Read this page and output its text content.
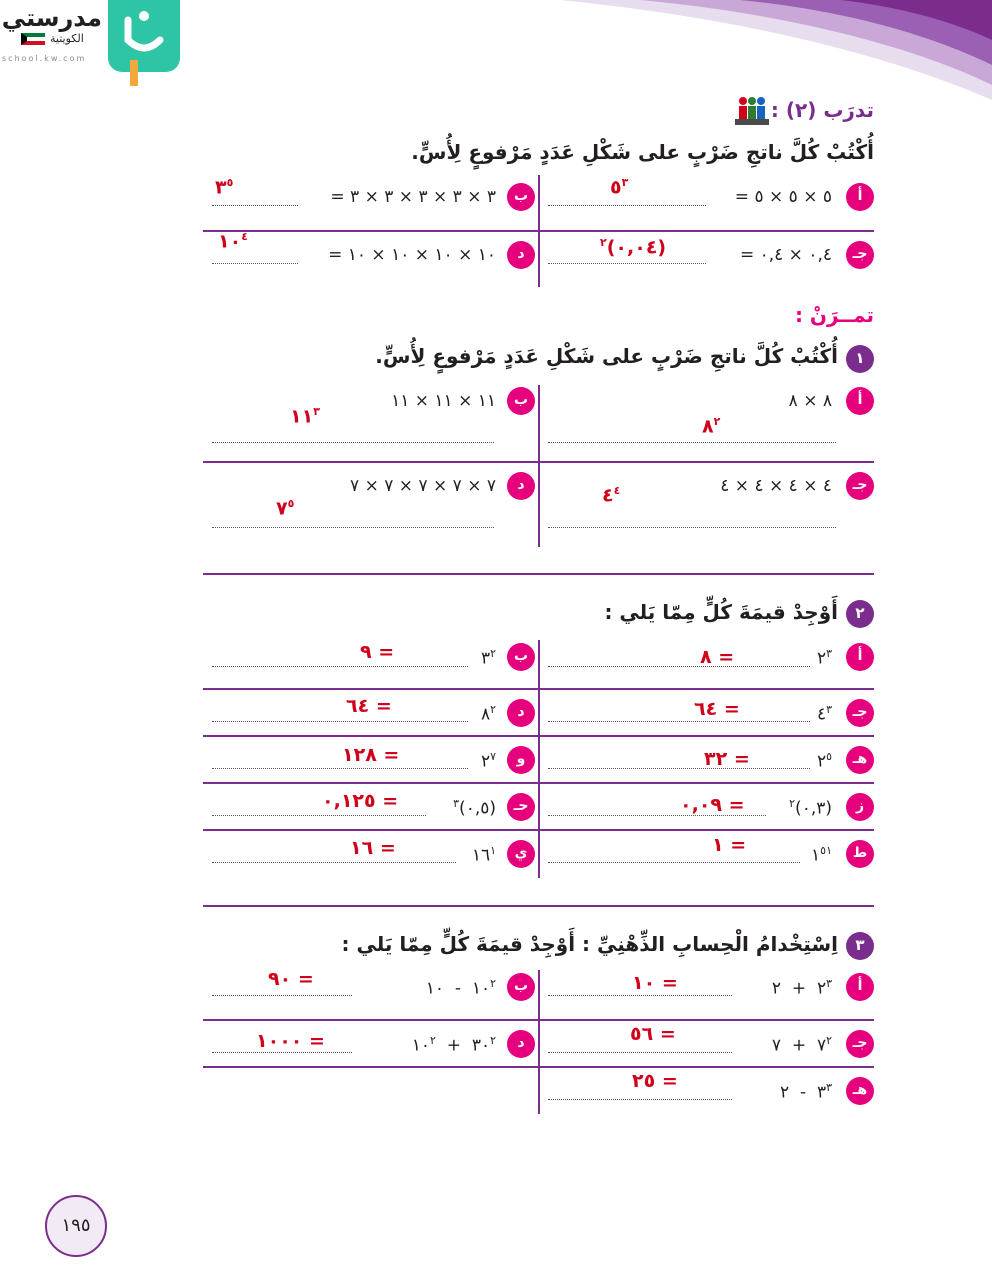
مدرستي
الكويتية
school.kw.com
تدرَب (٢) :
أُكْتُبْ كُلَّ ناتجِ ضَرْبٍ على شَكْلِ عَدَدٍ مَرْفوعٍ لِأُسٍّ.
أ
٥ × ٥ × ٥ =
$٥^٣$
ب
٣ × ٣ × ٣ × ٣ × ٣ =
$٣^٥$
جـ
٠,٤ × ٠,٤ =
(٠,٠٤)$^٢$
د
١٠ × ١٠ × ١٠ × ١٠ =
$١٠^٤$
تمــرَنْ :
١
أُكْتُبْ كُلَّ ناتجِ ضَرْبٍ على شَكْلِ عَدَدٍ مَرْفوعٍ لِأُسٍّ.
أ
٨ × ٨
$٨^٢$
ب
١١ × ١١ × ١١
$١١^٣$
جـ
٤ × ٤ × ٤ × ٤
$٤^٤$
د
٧ × ٧ × ٧ × ٧ × ٧
$٧^٥$
٢
أَوْجِدْ قيمَةَ كُلٍّ مِمّا يَلي :
أ
$٢^٣$
= ٨
ب
$٣^٢$
= ٩
جـ
$٤^٣$
= ٦٤
د
$٨^٢$
= ٦٤
هـ
$٢^٥$
= ٣٢
و
$٢^٧$
= ١٢٨
ز
(٠,٣)$^٢$
= ٠,٠٩
حـ
(٠,٥)$^٣$
= ٠,١٢٥
ط
$١^{٥١}$
= ١
ي
$١٦^١$
= ١٦
٣
اِسْتِخْدامُ الْحِسابِ الذِّهْنِيِّ : أَوْجِدْ قيمَةَ كُلٍّ مِمّا يَلي :
أ
$٢^٣$  +  ٢
= ١٠
ب
$١٠^٢$  -  ١٠
= ٩٠
جـ
$٧^٢$  +  ٧
= ٥٦
د
$٣٠^٢$  +  $١٠^٢$
= ١٠٠٠
هـ
$٣^٣$  -  ٢
= ٢٥
١٩٥
